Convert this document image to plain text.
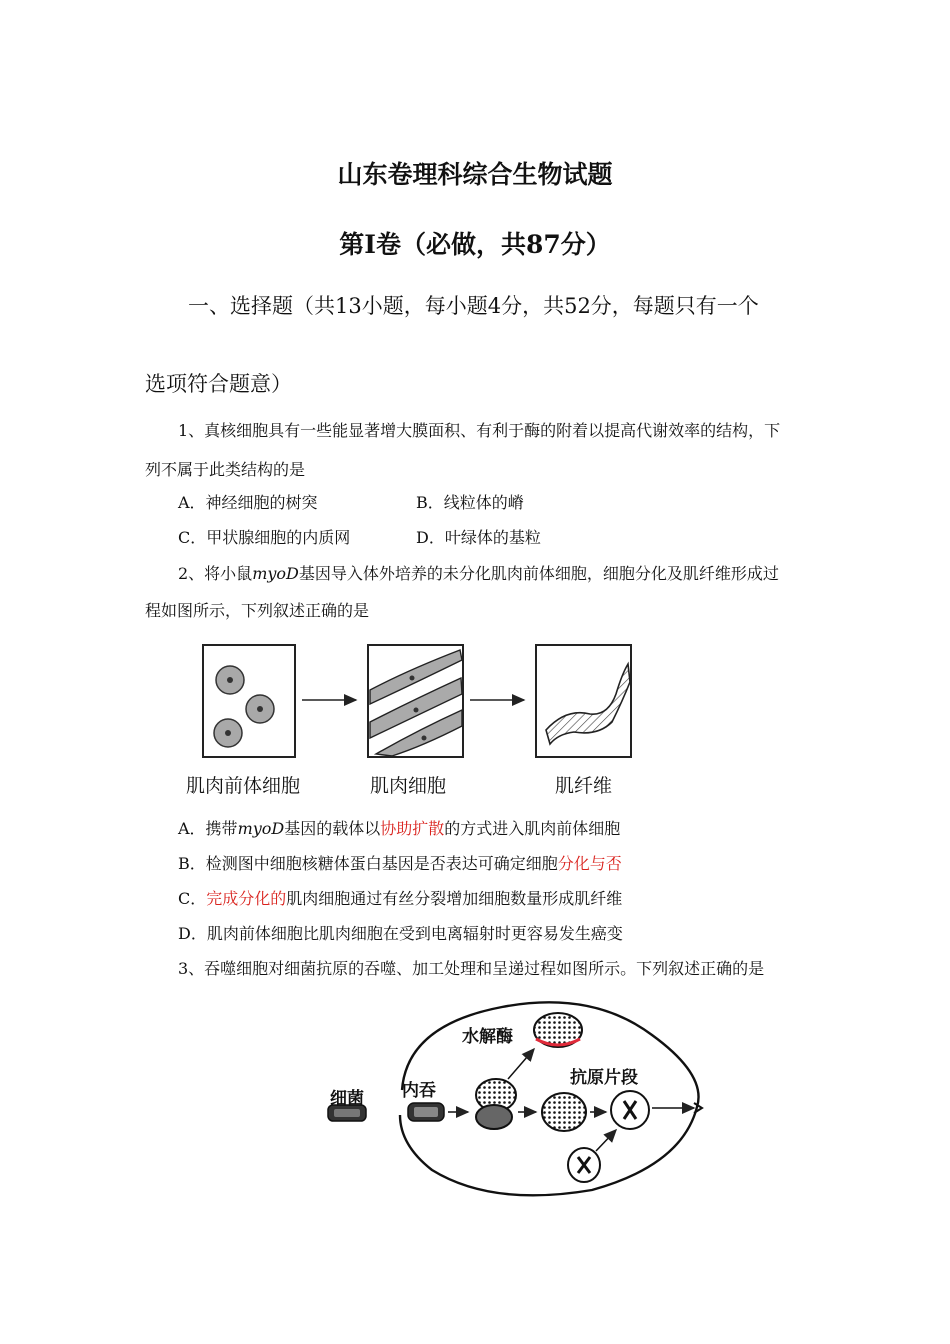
山东卷理科综合生物试题
第I卷（必做，共87分）
一、选择题（共13小题，每小题4分，共52分，每题只有一个
选项符合题意）
1、真核细胞具有一些能显著增大膜面积、有利于酶的附着以提高代谢效率的结构，下
列不属于此类结构的是
A．神经细胞的树突	B．线粒体的嵴
C．甲状腺细胞的内质网	D．叶绿体的基粒
2、将小鼠myoD基因导入体外培养的未分化肌肉前体细胞，细胞分化及肌纤维形成过
程如图所示，下列叙述正确的是
肌肉前体细胞	肌肉细胞	肌纤维
A．携带myoD基因的载体以协助扩散的方式进入肌肉前体细胞
B．检测图中细胞核糖体蛋白基因是否表达可确定细胞分化与否
C．完成分化的肌肉细胞通过有丝分裂增加细胞数量形成肌纤维
D．肌肉前体细胞比肌肉细胞在受到电离辐射时更容易发生癌变
3、吞噬细胞对细菌抗原的吞噬、加工处理和呈递过程如图所示。下列叙述正确的是
水解酶
细菌 内吞
抗原片段
